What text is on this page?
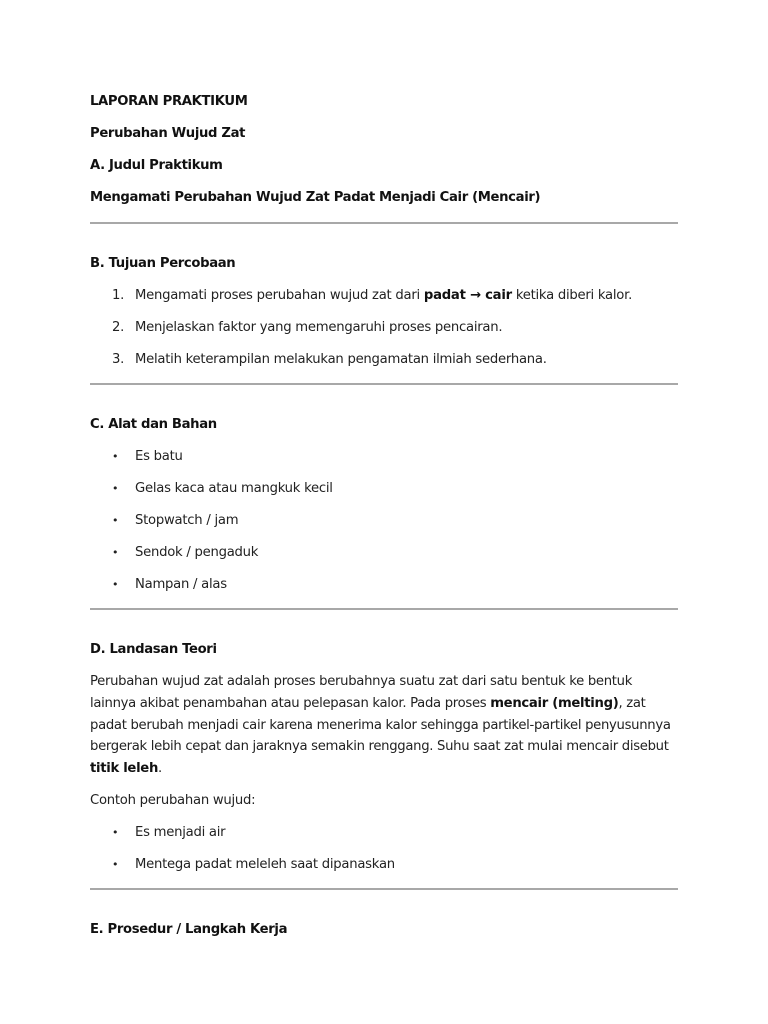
LAPORAN PRAKTIKUM

Perubahan Wujud Zat

A. Judul Praktikum

Mengamati Perubahan Wujud Zat Padat Menjadi Cair (Mencair)

B. Tujuan Percobaan

1. Mengamati proses perubahan wujud zat dari padat → cair ketika diberi kalor.
2. Menjelaskan faktor yang memengaruhi proses pencairan.
3. Melatih keterampilan melakukan pengamatan ilmiah sederhana.

C. Alat dan Bahan

• Es batu
• Gelas kaca atau mangkuk kecil
• Stopwatch / jam
• Sendok / pengaduk
• Nampan / alas

D. Landasan Teori

Perubahan wujud zat adalah proses berubahnya suatu zat dari satu bentuk ke bentuk lainnya akibat penambahan atau pelepasan kalor. Pada proses mencair (melting), zat padat berubah menjadi cair karena menerima kalor sehingga partikel-partikel penyusunnya bergerak lebih cepat dan jaraknya semakin renggang. Suhu saat zat mulai mencair disebut titik leleh.

Contoh perubahan wujud:

• Es menjadi air
• Mentega padat meleleh saat dipanaskan

E. Prosedur / Langkah Kerja
